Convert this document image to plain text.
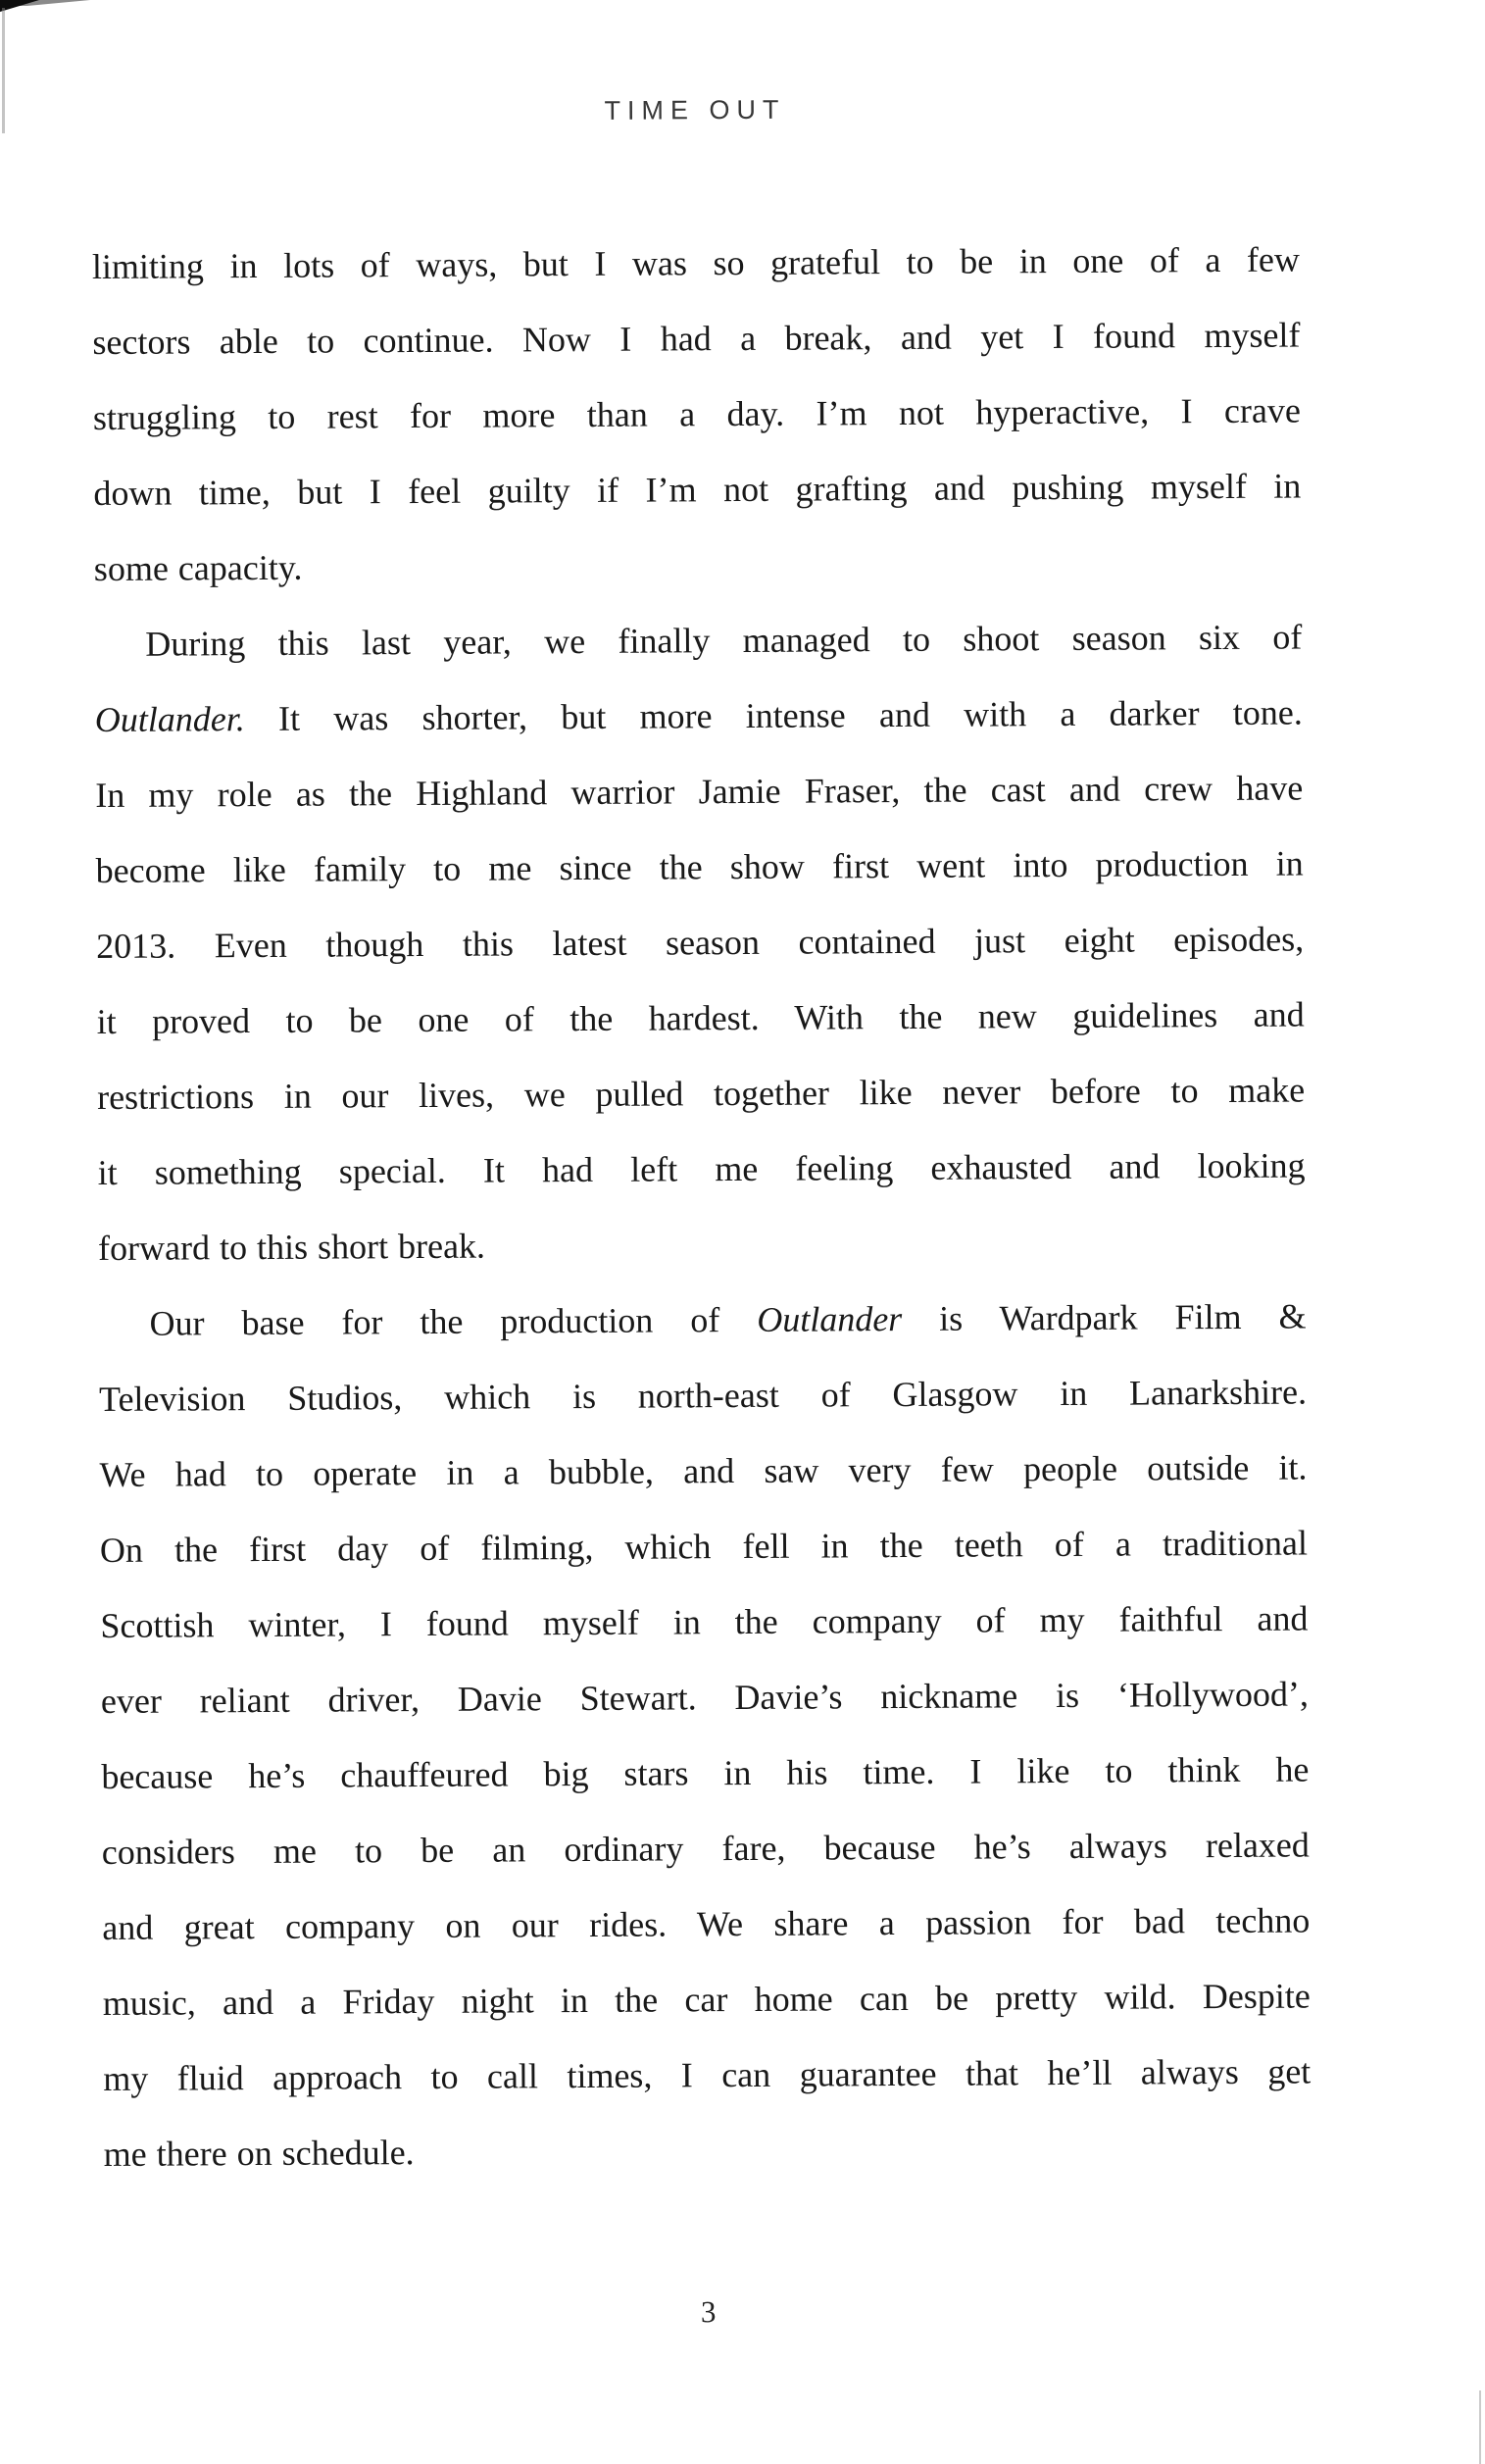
TIME OUT
limiting in lots of ways, but I was so grateful to be in one of a few
sectors able to continue. Now I had a break, and yet I found myself
struggling to rest for more than a day. I’m not hyperactive, I crave
down time, but I feel guilty if I’m not grafting and pushing myself in
some capacity.
During this last year, we finally managed to shoot season six of
Outlander. It was shorter, but more intense and with a darker tone.
In my role as the Highland warrior Jamie Fraser, the cast and crew have
become like family to me since the show first went into production in
2013. Even though this latest season contained just eight episodes,
it proved to be one of the hardest. With the new guidelines and
restrictions in our lives, we pulled together like never before to make
it something special. It had left me feeling exhausted and looking
forward to this short break.
Our base for the production of Outlander is Wardpark Film &
Television Studios, which is north-east of Glasgow in Lanarkshire.
We had to operate in a bubble, and saw very few people outside it.
On the first day of filming, which fell in the teeth of a traditional
Scottish winter, I found myself in the company of my faithful and
ever reliant driver, Davie Stewart. Davie’s nickname is ‘Hollywood’,
because he’s chauffeured big stars in his time. I like to think he
considers me to be an ordinary fare, because he’s always relaxed
and great company on our rides. We share a passion for bad techno
music, and a Friday night in the car home can be pretty wild. Despite
my fluid approach to call times, I can guarantee that he’ll always get
me there on schedule.
3
